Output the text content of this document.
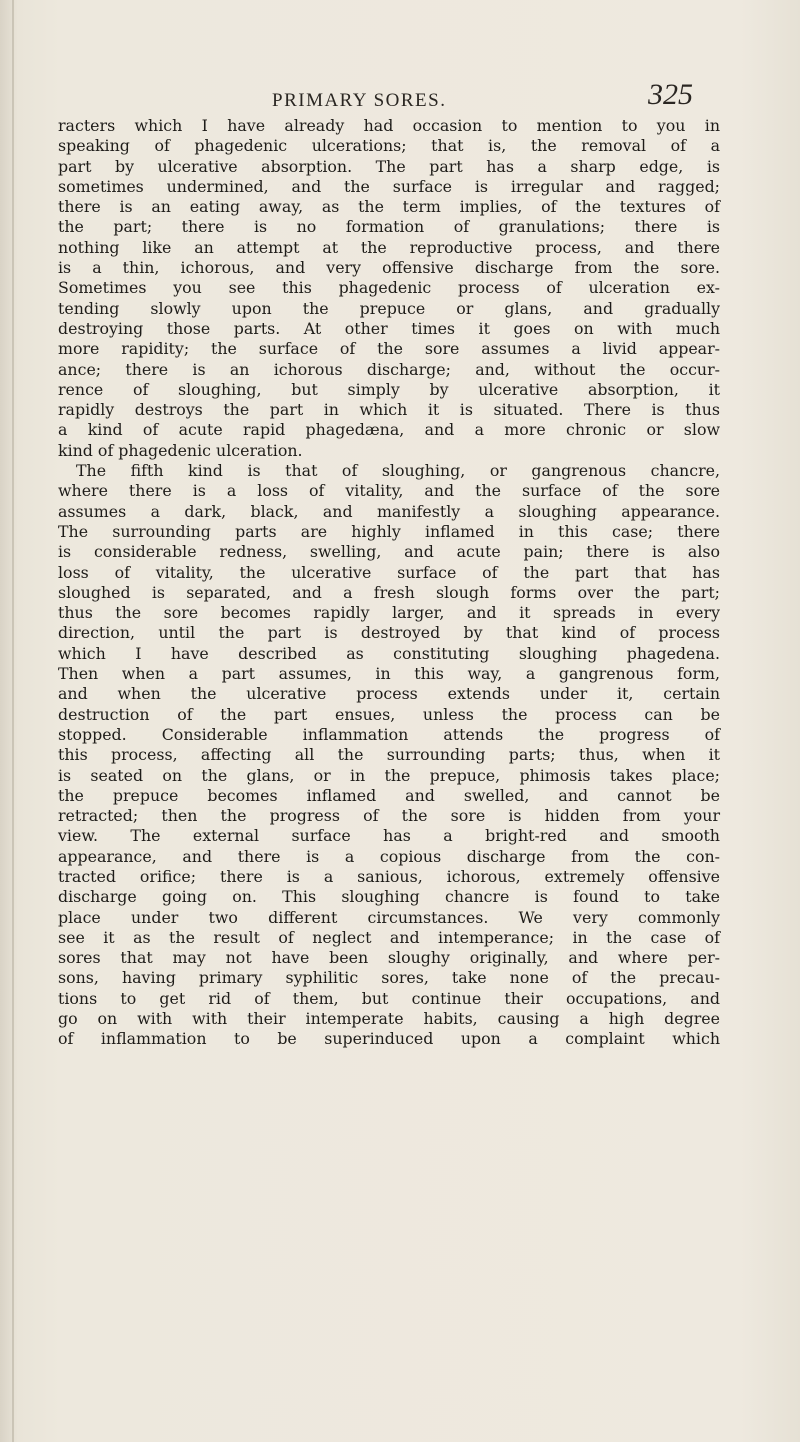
PRIMARY SORES.	325
racters which I have already had occasion to mention to you in
speaking of phagedenic ulcerations; that is, the removal of a
part by ulcerative absorption. The part has a sharp edge, is
sometimes undermined, and the surface is irregular and ragged;
there is an eating away, as the term implies, of the textures of
the part; there is no formation of granulations; there is
nothing like an attempt at the reproductive process, and there
is a thin, ichorous, and very offensive discharge from the sore.
Sometimes you see this phagedenic process of ulceration ex-
tending slowly upon the prepuce or glans, and gradually
destroying those parts. At other times it goes on with much
more rapidity; the surface of the sore assumes a livid appear-
ance; there is an ichorous discharge; and, without the occur-
rence of sloughing, but simply by ulcerative absorption, it
rapidly destroys the part in which it is situated. There is thus
a kind of acute rapid phagedæna, and a more chronic or slow
kind of phagedenic ulceration.
The fifth kind is that of sloughing, or gangrenous chancre,
where there is a loss of vitality, and the surface of the sore
assumes a dark, black, and manifestly a sloughing appearance.
The surrounding parts are highly inflamed in this case; there
is considerable redness, swelling, and acute pain; there is also
loss of vitality, the ulcerative surface of the part that has
sloughed is separated, and a fresh slough forms over the part;
thus the sore becomes rapidly larger, and it spreads in every
direction, until the part is destroyed by that kind of process
which I have described as constituting sloughing phagedena.
Then when a part assumes, in this way, a gangrenous form,
and when the ulcerative process extends under it, certain
destruction of the part ensues, unless the process can be
stopped. Considerable inflammation attends the progress of
this process, affecting all the surrounding parts; thus, when it
is seated on the glans, or in the prepuce, phimosis takes place;
the prepuce becomes inflamed and swelled, and cannot be
retracted; then the progress of the sore is hidden from your
view. The external surface has a bright-red and smooth
appearance, and there is a copious discharge from the con-
tracted orifice; there is a sanious, ichorous, extremely offensive
discharge going on. This sloughing chancre is found to take
place under two different circumstances. We very commonly
see it as the result of neglect and intemperance; in the case of
sores that may not have been sloughy originally, and where per-
sons, having primary syphilitic sores, take none of the precau-
tions to get rid of them, but continue their occupations, and
go on with with their intemperate habits, causing a high degree
of inflammation to be superinduced upon a complaint which
